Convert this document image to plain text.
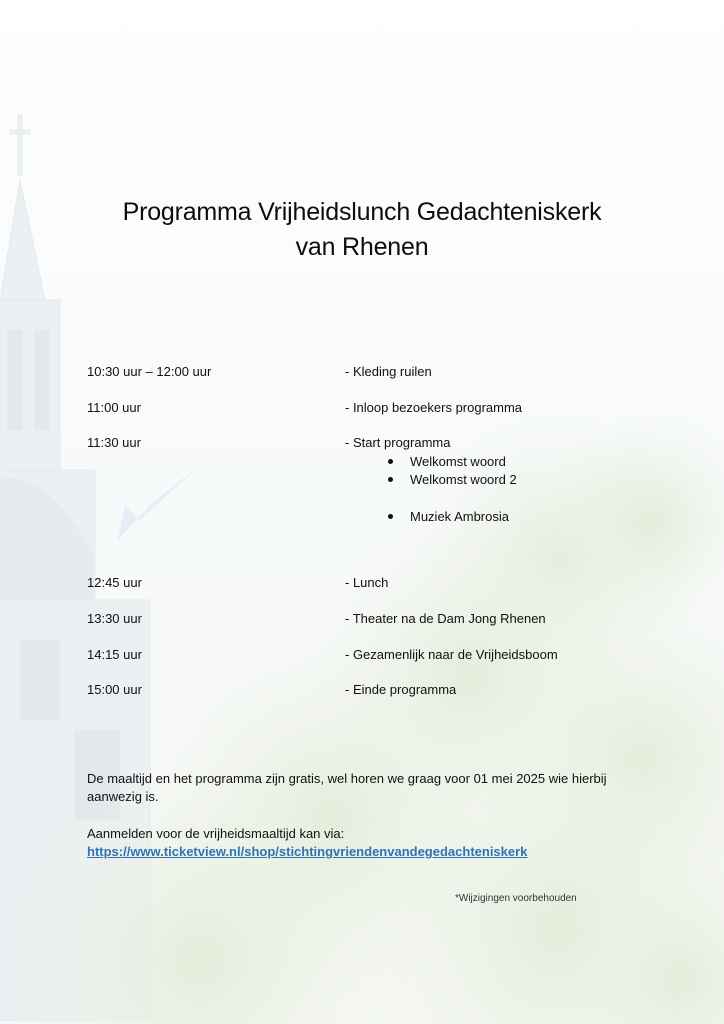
Programma Vrijheidslunch Gedachteniskerk
van Rhenen
10:30 uur – 12:00 uur	- Kleding ruilen
11:00 uur	- Inloop bezoekers programma
11:30 uur	- Start programma
Welkomst woord
Welkomst woord 2
Muziek Ambrosia
12:45 uur	- Lunch
13:30 uur	- Theater na de Dam Jong Rhenen
14:15 uur	- Gezamenlijk naar de Vrijheidsboom
15:00 uur	- Einde programma
De maaltijd en het programma zijn gratis, wel horen we graag voor 01 mei 2025 wie hierbij
aanwezig is.
Aanmelden voor de vrijheidsmaaltijd kan via:
https://www.ticketview.nl/shop/stichtingvriendenvandegedachteniskerk
*Wijzigingen voorbehouden
